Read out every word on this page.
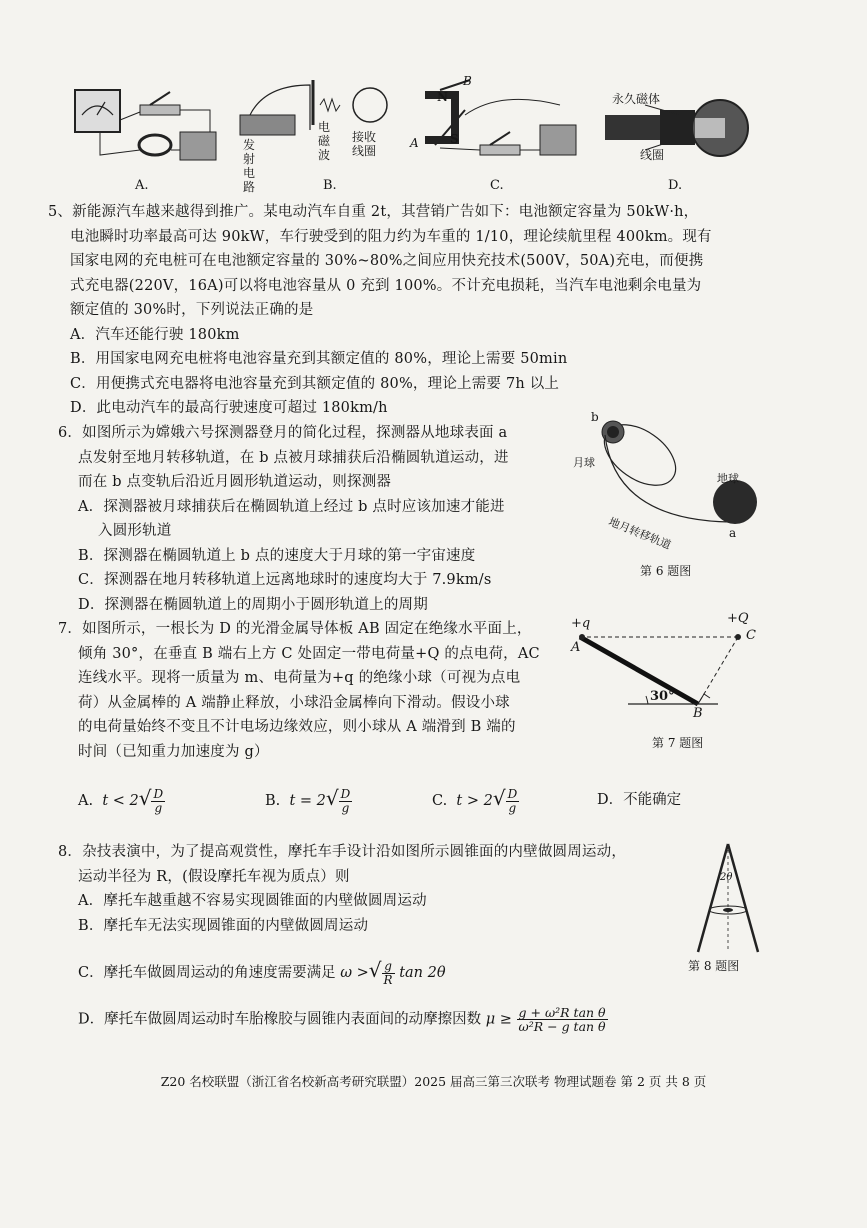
发射电路
电磁波
接收线圈
N
B
A	S
永久磁体
线圈
A.	B.	C.	D.
5、新能源汽车越来越得到推广。某电动汽车自重 2t，其营销广告如下：电池额定容量为 50kW·h，
电池瞬时功率最高可达 90kW，车行驶受到的阻力约为车重的 1/10，理论续航里程 400km。现有
国家电网的充电桩可在电池额定容量的 30%~80%之间应用快充技术(500V，50A)充电，而便携
式充电器(220V，16A)可以将电池容量从 0 充到 100%。不计充电损耗，当汽车电池剩余电量为
额定值的 30%时，下列说法正确的是
A．汽车还能行驶 180km
B．用国家电网充电桩将电池容量充到其额定值的 80%，理论上需要 50min
C．用便携式充电器将电池容量充到其额定值的 80%，理论上需要 7h 以上
D．此电动汽车的最高行驶速度可超过 180km/h
6．如图所示为嫦娥六号探测器登月的简化过程，探测器从地球表面 a
点发射至地月转移轨道，在 b 点被月球捕获后沿椭圆轨道运动，进
而在 b 点变轨后沿近月圆形轨道运动，则探测器
A．探测器被月球捕获后在椭圆轨道上经过 b 点时应该加速才能进
入圆形轨道
B．探测器在椭圆轨道上 b 点的速度大于月球的第一宇宙速度
C．探测器在地月转移轨道上远离地球时的速度均大于 7.9km/s
D．探测器在椭圆轨道上的周期小于圆形轨道上的周期
b
月球
地球
a
地月转移轨道
第 6 题图
7．如图所示，一根长为 D 的光滑金属导体板 AB 固定在绝缘水平面上，
倾角 30°，在垂直 B 端右上方 C 处固定一带电荷量+Q 的点电荷，AC
连线水平。现将一质量为 m、电荷量为+q 的绝缘小球（可视为点电
荷）从金属棒的 A 端静止释放，小球沿金属棒向下滑动。假设小球
的电荷量始终不变且不计电场边缘效应，则小球从 A 端滑到 B 端的
时间（已知重力加速度为 g）
+q	+Q
A
C
B
30°
第 7 题图
A. $t < 2√ \frac{D}{g}$	B. $t = 2√ \frac{D}{g}$	C. $t > 2√ \frac{D}{g}$	D．不能确定
8．杂技表演中，为了提高观赏性，摩托车手设计沿如图所示圆锥面的内壁做圆周运动，
运动半径为 R，(假设摩托车视为质点）则
A．摩托车越重越不容易实现圆锥面的内壁做圆周运动
B．摩托车无法实现圆锥面的内壁做圆周运动
C．摩托车做圆周运动的角速度需要满足 ω >√ $\frac{g}{R}$ tan 2θ
D．摩托车做圆周运动时车胎橡胶与圆锥内表面间的动摩擦因数 $\mu \ge \frac{\text{g + ω²R tan θ}}{\text{ω²R − g tan θ}}$
2θ
第 8 题图
Z20 名校联盟（浙江省名校新高考研究联盟）2025 届高三第三次联考 物理试题卷 第 2 页 共 8 页
